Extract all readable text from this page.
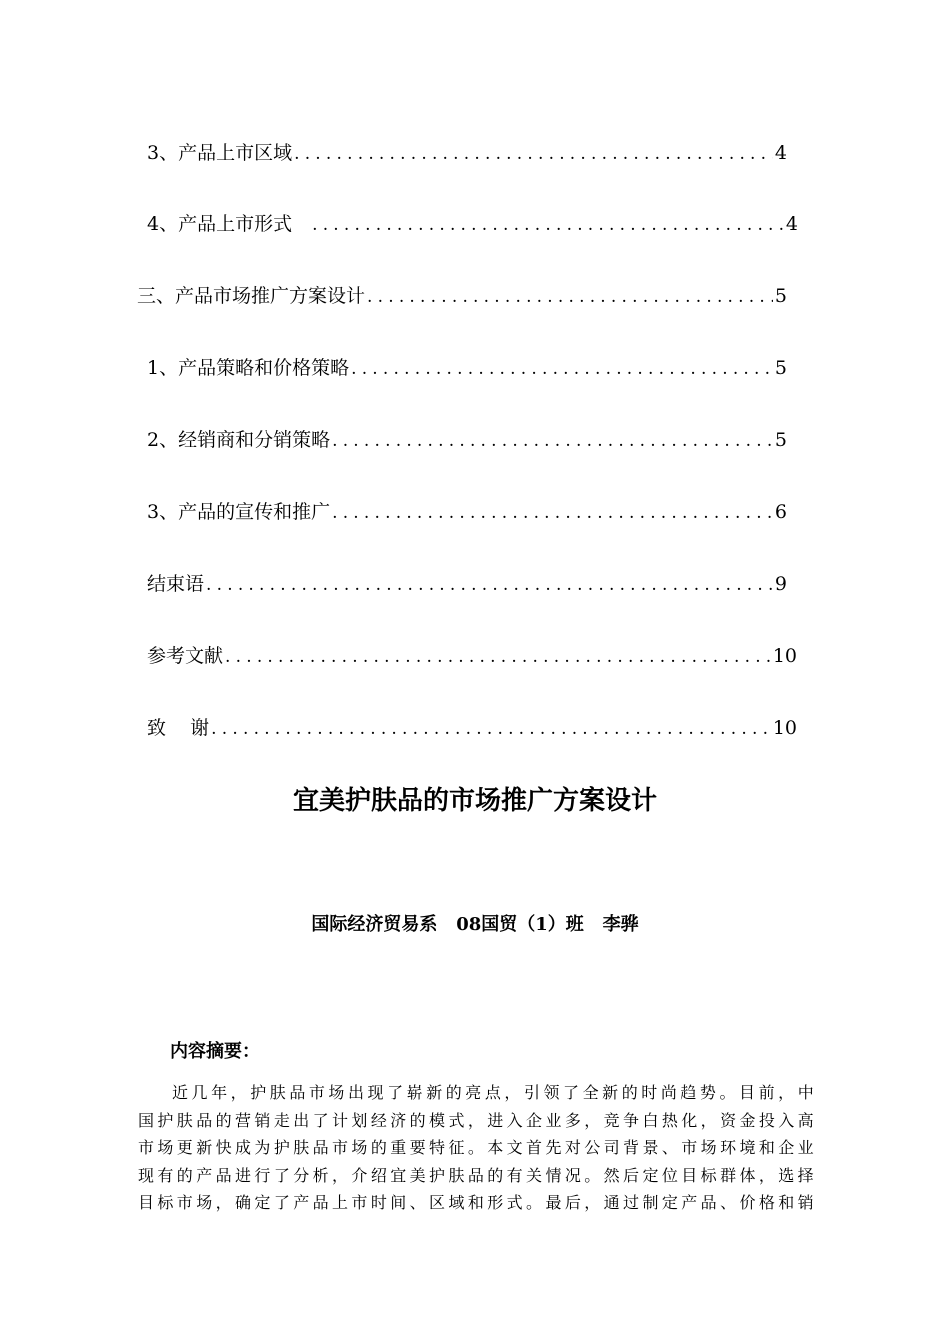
3、产品上市区域 .....	4
4、产品上市形式 .....	4
三、产品市场推广方案设计 .....	5
1、产品策略和价格策略 .....	5
2、经销商和分销策略 .....	5
3、产品的宣传和推广 .....	6
结束语 .....	9
参考文献 .....	10
致    谢 .....	10
宜美护肤品的市场推广方案设计
国际经济贸易系   08国贸（1）班   李骅
内容摘要：
近几年，护肤品市场出现了崭新的亮点，引领了全新的时尚趋势。目前，中
国护肤品的营销走出了计划经济的模式，进入企业多，竞争白热化，资金投入高
市场更新快成为护肤品市场的重要特征。本文首先对公司背景、市场环境和企业
现有的产品进行了分析，介绍宜美护肤品的有关情况。然后定位目标群体，选择
目标市场，确定了产品上市时间、区域和形式。最后，通过制定产品、价格和销
